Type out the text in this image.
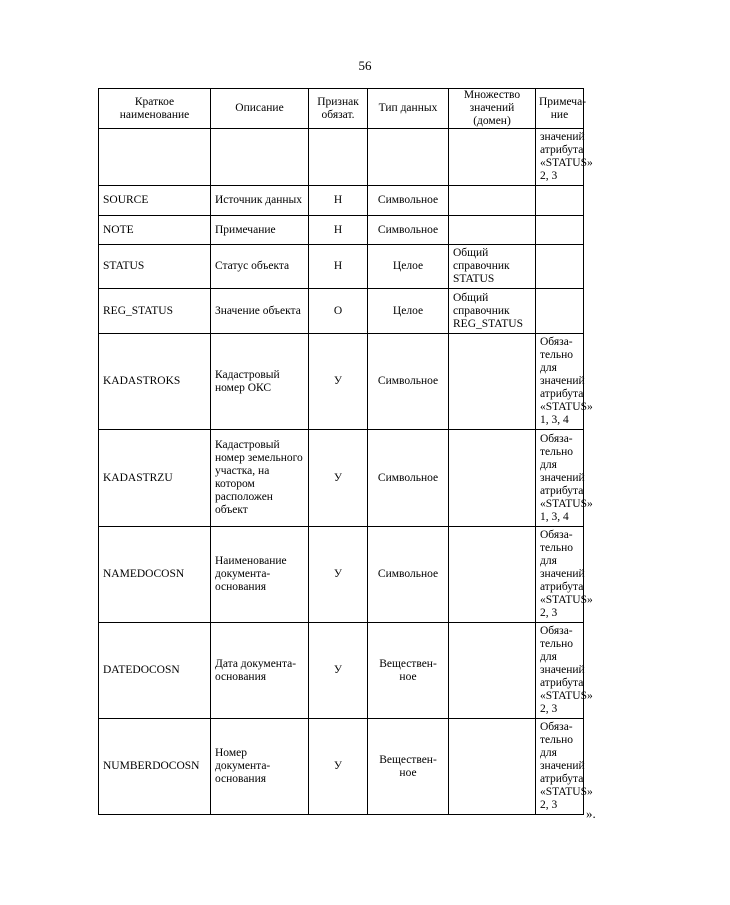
56
Краткое наименование	Описание	Признак обязат.	Тип данных	Множество значений (домен)	Примеча-ние
					значений атрибута «STATUS» 2, 3
SOURCE	Источник данных	Н	Символьное		
NOTE	Примечание	Н	Символьное		
STATUS	Статус объекта	Н	Целое	Общий справочник STATUS	
REG_STATUS	Значение объекта	О	Целое	Общий справочник REG_STATUS	
KADASTROKS	Кадастровый номер ОКС	У	Символьное		Обяза-тельно для значений атрибута «STATUS» 1, 3, 4
KADASTRZU	Кадастровый номер земельного участка, на котором расположен объект	У	Символьное		Обяза-тельно для значений атрибута «STATUS» 1, 3, 4
NAMEDOCOSN	Наименование документа-основания	У	Символьное		Обяза-тельно для значений атрибута «STATUS» 2, 3
DATEDOCOSN	Дата документа-основания	У	Веществен-ное		Обяза-тельно для значений атрибута «STATUS» 2, 3
NUMBERDOCOSN	Номер документа-основания	У	Веществен-ное		Обяза-тельно для значений атрибута «STATUS» 2, 3
».
